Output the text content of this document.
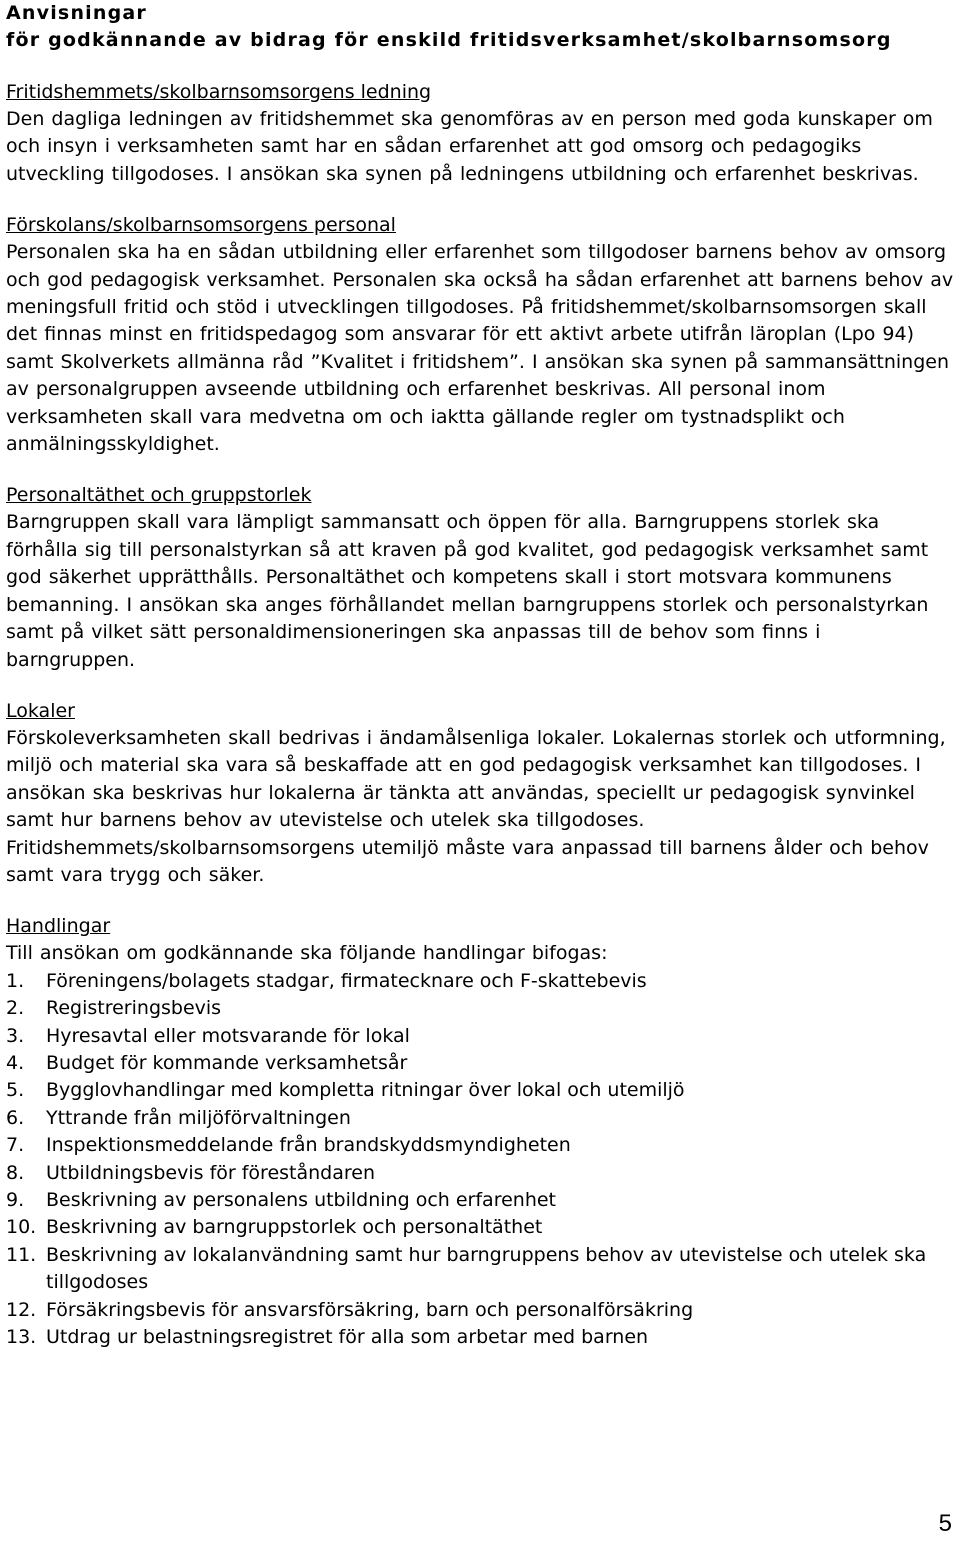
Anvisningar
för godkännande av bidrag för enskild fritidsverksamhet/skolbarnsomsorg

Fritidshemmets/skolbarnsomsorgens ledning

Den dagliga ledningen av fritidshemmet ska genomföras av en person med goda kunskaper om och insyn i verksamheten samt har en sådan erfarenhet att god omsorg och pedagogiks utveckling tillgodoses. I ansökan ska synen på ledningens utbildning och erfarenhet beskrivas.

Förskolans/skolbarnsomsorgens personal

Personalen ska ha en sådan utbildning eller erfarenhet som tillgodoser barnens behov av omsorg och god pedagogisk verksamhet. Personalen ska också ha sådan erfarenhet att barnens behov av meningsfull fritid och stöd i utvecklingen tillgodoses. På fritidshemmet/skolbarnsomsorgen skall det finnas minst en fritidspedagog som ansvarar för ett aktivt arbete utifrån läroplan (Lpo 94) samt Skolverkets allmänna råd ”Kvalitet i fritidshem”. I ansökan ska synen på sammansättningen av personalgruppen avseende utbildning och erfarenhet beskrivas. All personal inom verksamheten skall vara medvetna om och iaktta gällande regler om tystnadsplikt och anmälningsskyldighet.

Personaltäthet och gruppstorlek

Barngruppen skall vara lämpligt sammansatt och öppen för alla. Barngruppens storlek ska förhålla sig till personalstyrkan så att kraven på god kvalitet, god pedagogisk verksamhet samt god säkerhet upprätthålls. Personaltäthet och kompetens skall i stort motsvara kommunens bemanning. I ansökan ska anges förhållandet mellan barngruppens storlek och personalstyrkan samt på vilket sätt personaldimensioneringen ska anpassas till de behov som finns i barngruppen.

Lokaler

Förskoleverksamheten skall bedrivas i ändamålsenliga lokaler. Lokalernas storlek och utformning, miljö och material ska vara så beskaffade att en god pedagogisk verksamhet kan tillgodoses. I ansökan ska beskrivas hur lokalerna är tänkta att användas, speciellt ur pedagogisk synvinkel samt hur barnens behov av utevistelse och utelek ska tillgodoses. Fritidshemmets/skolbarnsomsorgens utemiljö måste vara anpassad till barnens ålder och behov samt vara trygg och säker.

Handlingar

Till ansökan om godkännande ska följande handlingar bifogas:

1.	Föreningens/bolagets stadgar, firmatecknare och F-skattebevis
2.	Registreringsbevis
3.	Hyresavtal eller motsvarande för lokal
4.	Budget för kommande verksamhetsår
5.	Bygglovhandlingar med kompletta ritningar över lokal och utemiljö
6.	Yttrande från miljöförvaltningen
7.	Inspektionsmeddelande från brandskyddsmyndigheten
8.	Utbildningsbevis för föreståndaren
9.	Beskrivning av personalens utbildning och erfarenhet
10. Beskrivning av barngruppstorlek och personaltäthet
11. Beskrivning av lokalanvändning samt hur barngruppens behov av utevistelse och utelek ska tillgodoses
12. Försäkringsbevis för ansvarsförsäkring, barn och personalförsäkring
13. Utdrag ur belastningsregistret för alla som arbetar med barnen
5
